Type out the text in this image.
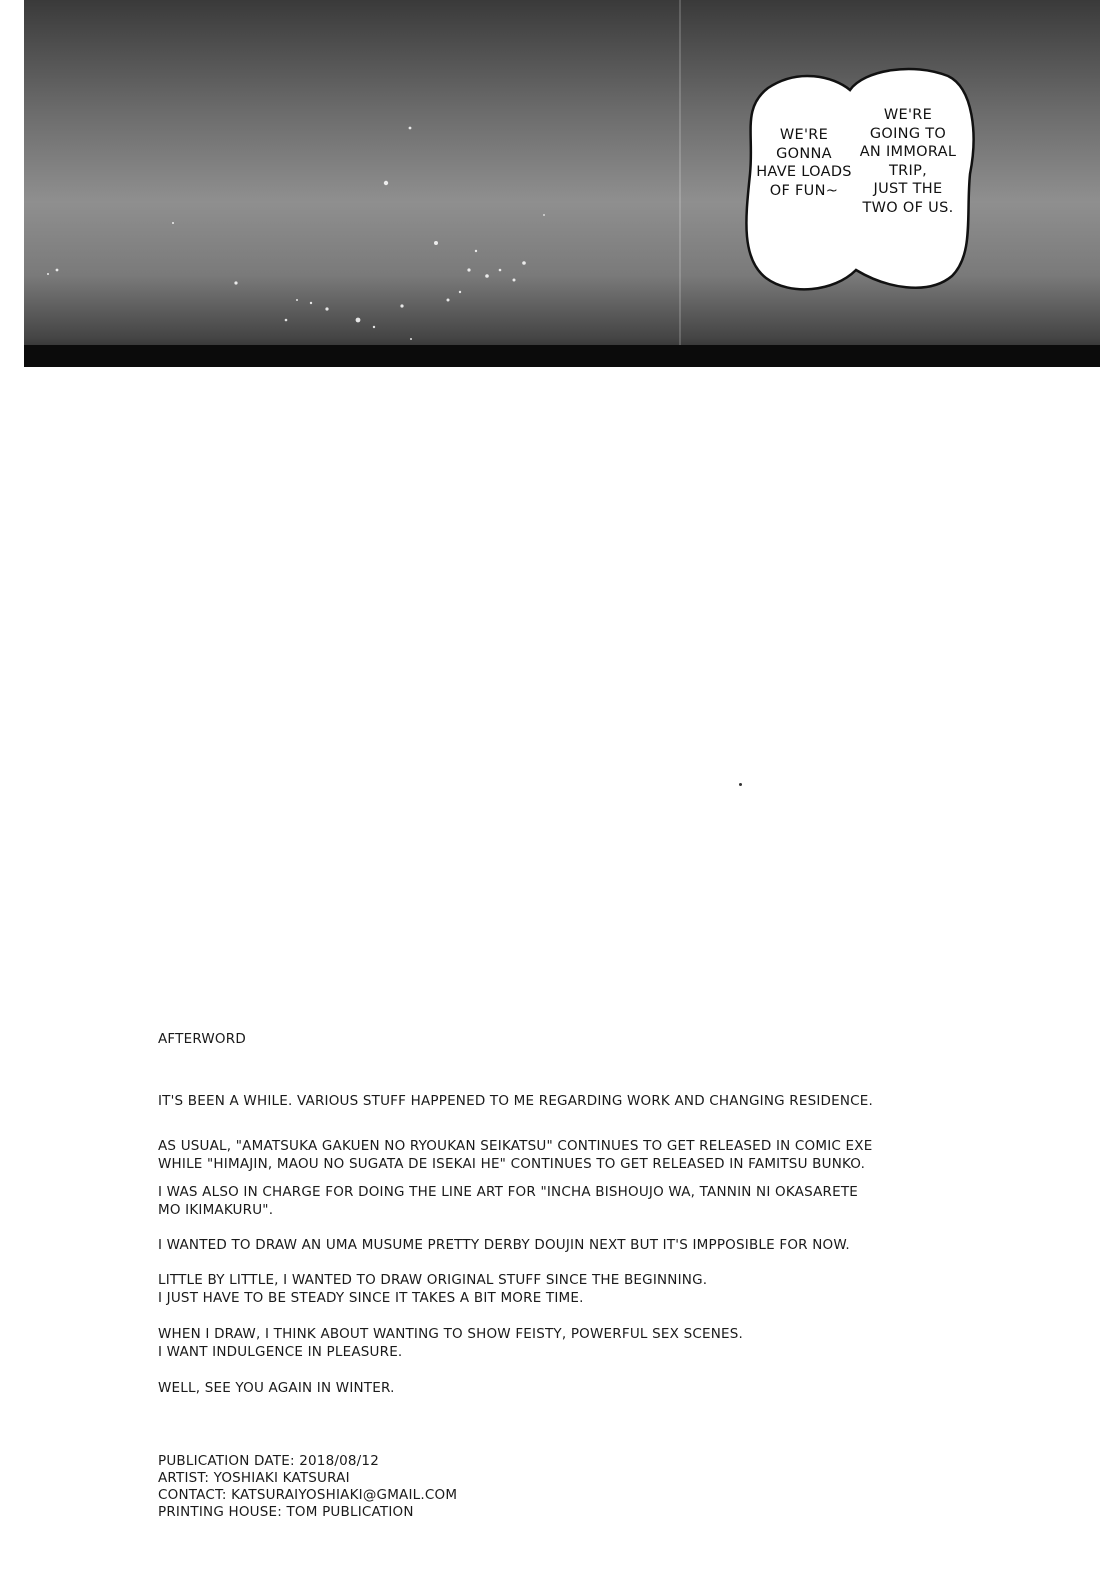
WE'RE
GONNA
HAVE LOADS
OF FUN~
WE'RE
GOING TO
AN IMMORAL
TRIP,
JUST THE
TWO OF US.
AFTERWORD
IT'S BEEN A WHILE. VARIOUS STUFF HAPPENED TO ME REGARDING WORK AND CHANGING RESIDENCE.
AS USUAL, "AMATSUKA GAKUEN NO RYOUKAN SEIKATSU" CONTINUES TO GET RELEASED IN COMIC EXE
WHILE "HIMAJIN, MAOU NO SUGATA DE ISEKAI HE" CONTINUES TO GET RELEASED IN FAMITSU BUNKO.
I WAS ALSO IN CHARGE FOR DOING THE LINE ART FOR "INCHA BISHOUJO WA, TANNIN NI OKASARETE
MO IKIMAKURU".
I WANTED TO DRAW AN UMA MUSUME PRETTY DERBY DOUJIN NEXT BUT IT'S IMPPOSIBLE FOR NOW.
LITTLE BY LITTLE, I WANTED TO DRAW ORIGINAL STUFF SINCE THE BEGINNING.
I JUST HAVE TO BE STEADY SINCE IT TAKES A BIT MORE TIME.
WHEN I DRAW, I THINK ABOUT WANTING TO SHOW FEISTY, POWERFUL SEX SCENES.
I WANT INDULGENCE IN PLEASURE.
WELL, SEE YOU AGAIN IN WINTER.
PUBLICATION DATE: 2018/08/12
ARTIST: YOSHIAKI KATSURAI
CONTACT: KATSURAIYOSHIAKI@GMAIL.COM
PRINTING HOUSE: TOM PUBLICATION
